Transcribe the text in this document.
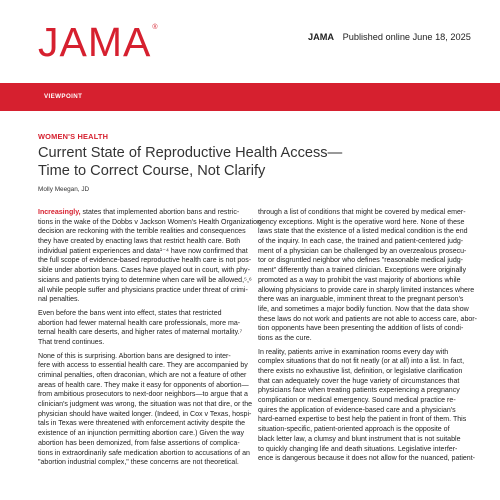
JAMA ®
JAMA Published online June 18, 2025
VIEWPOINT
WOMEN'S HEALTH
Current State of Reproductive Health Access—
Time to Correct Course, Not Clarify
Molly Meegan, JD
Increasingly, states that implemented abortion bans and restric-
tions in the wake of the Dobbs v Jackson Women's Health Organization
decision are reckoning with the terrible realities and consequences
they have created by enacting laws that restrict health care. Both
individual patient experiences and data¹⁻⁴ have now confirmed that
the full scope of evidence-based reproductive health care is not pos-
sible under abortion bans. Cases have played out in court, with phy-
sicians and patients trying to determine when care will be allowed,⁵,⁶
all while people suffer and physicians practice under threat of crimi-
nal penalties.
Even before the bans went into effect, states that restricted
abortion had fewer maternal health care professionals, more ma-
ternal health care deserts, and higher rates of maternal mortality.⁷
That trend continues.
None of this is surprising. Abortion bans are designed to inter-
fere with access to essential health care. They are accompanied by
criminal penalties, often draconian, which are not a feature of other
areas of health care. They make it easy for opponents of abortion—
from ambitious prosecutors to next-door neighbors—to argue that a
clinician's judgment was wrong, the situation was not that dire, or the
physician should have waited longer. (Indeed, in Cox v Texas, hospi-
tals in Texas were threatened with enforcement activity despite the
existence of an injunction permitting abortion care.) Given the way
abortion has been demonized, from false assertions of complica-
tions in extraordinarily safe medication abortion to accusations of an
"abortion industrial complex," these concerns are not theoretical.
through a list of conditions that might be covered by medical emer-
gency exceptions. Might is the operative word here. None of these
laws state that the existence of a listed medical condition is the end
of the inquiry. In each case, the trained and patient-centered judg-
ment of a physician can be challenged by an overzealous prosecu-
tor or disgruntled neighbor who defines "reasonable medical judg-
ment" differently than a trained clinician. Exceptions were originally
promoted as a way to prohibit the vast majority of abortions while
allowing physicians to provide care in sharply limited instances where
there was an inarguable, imminent threat to the pregnant person's
life, and sometimes a major bodily function. Now that the data show
these laws do not work and patients are not able to access care, abor-
tion opponents have been presenting the addition of lists of condi-
tions as the cure.
In reality, patients arrive in examination rooms every day with
complex situations that do not fit neatly (or at all) into a list. In fact,
there exists no exhaustive list, definition, or legislative clarification
that can adequately cover the huge variety of circumstances that
physicians face when treating patients experiencing a pregnancy
complication or medical emergency. Sound medical practice re-
quires the application of evidence-based care and a physician's
hard-earned expertise to best help the patient in front of them. This
situation-specific, patient-oriented approach is the opposite of
black letter law, a clumsy and blunt instrument that is not suitable
to quickly changing life and death situations. Legislative interfer-
ence is dangerous because it does not allow for the nuanced, patient-
